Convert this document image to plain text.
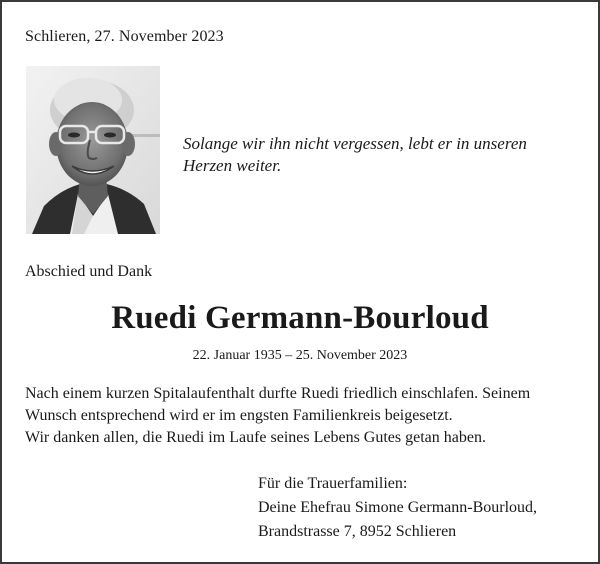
Schlieren, 27. November 2023
Solange wir ihn nicht vergessen, lebt er in unseren
Herzen weiter.
Abschied und Dank
Ruedi Germann-Bourloud
22. Januar 1935 – 25. November 2023
Nach einem kurzen Spitalaufenthalt durfte Ruedi friedlich einschlafen. Seinem
Wunsch entsprechend wird er im engsten Familienkreis beigesetzt.
Wir danken allen, die Ruedi im Laufe seines Lebens Gutes getan haben.
Für die Trauerfamilien:
Deine Ehefrau Simone Germann-Bourloud,
Brandstrasse 7, 8952 Schlieren
